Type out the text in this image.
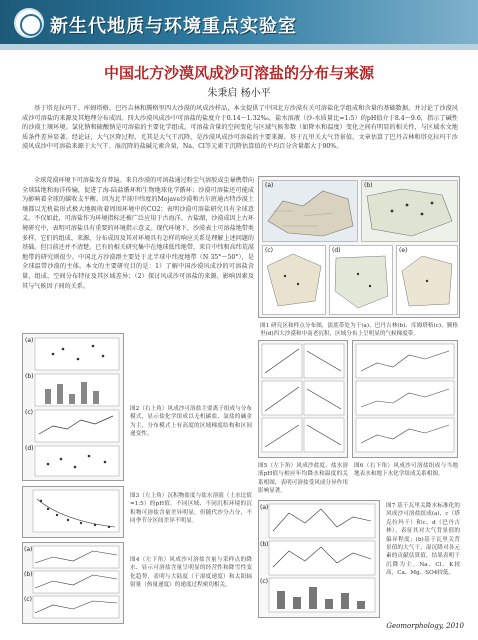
新生代地质与环境重点实验室
中国北方沙漠风成沙可溶盐的分布与来源
朱秉启 杨小平
基于塔克拉玛干、库姆塔格、巴丹吉林和腾格里四大沙漠的风成沙样品，本文提供了中国北方沙漠有关可溶盐化学组成和含量的基础数据，并讨论了沙漠风成沙可溶盐的来源及其地理分布成因。四大沙漠风成沙中可溶盐的盐度介于0.14～1.32‰，盐水溶液（沙-水质量比=1:5）的pH值介于8.4～9.6，指示了碱性的沙漠土壤环境。氯化钠和硫酸钠是可溶盐的主要化学组成。可溶盐含量的空间变化与区域气候参数（如降水和温度）变化之间有明显的相关性，与区域水文地质条件差异显著。经论证，大气区降过程，尤其是大气干沉降，是沙漠风成沙可溶盐的主要来源。基于瓦里关大气背景值，文章估算了巴丹吉林和塔克拉玛干沙漠风成沙中可溶盐来源于大气干、湿沉降的盐碱元素含量，Na、Cl等元素干沉降估算值的平均百分含量都大于90%。
全球荒漠环境下可溶盐发育普遍。来自沙漠的可溶盐通过粉尘气溶胶或尘暴携带向全球陆地和海洋传输，促进了海-陆盐循环和生物地球化学循环；沙漠可溶盐还可能成为影响着全球的碳收支平衡。因为北半球中纬度的Mojave沙漠和古尔班通古特沙漠土壤都以无机盐形式极大地吸收着周围环境中的CO2；表明沙漠可溶盐研究具有全球意义。不仅如此，可溶盐作为环境指标还被广泛应用于古海洋、古盐湖、沙漠成因上古环境研究中，表明可溶盐具有重要的环境指示意义。现代环境下，沙漠表土可溶盐地带类多样，它们的组成、来源、分布成因及其对环境具有怎样的响应关系是理解上述问题的基础。但目前还并不清楚。已有的相关研究集中在地球低纬地带，来自中纬和高纬荒漠地带的研究则很少。中国北方沙漠群主要处于北半球中纬度地带（N 35°～50°），是全球温带沙漠的主体。本文的主要研究目的是：1）了解中国沙漠风成沙的可溶盐含量、组成、空间分布特征及其区域差异；（2）探讨风成沙可溶盐的来源、影响因素及其与气候因子间的关系。
(a)	(b)
(c)	(d)	(e)
图1 研究区和样点分布图，淡底带处为干(a)、巴丹吉林(b)、库姆塔格(c)、腾格里(d)四大沙漠和中南老沉积，区域分布上呈明显的气候梯度带。
(a)
(b)
(c)
(d)
图5（左下角）风成沙盐度、盐水溶液pH值与相应年均降水和温度的关系相图，表明可溶盐受风成分异作用影响显著。
图6（右下角）风成沙可溶盐组成与当地地表水和地下水化学组成关系相图。
图2（右上角）风成沙可溶盐主要离子组成与分布模式，显示盐化学组成以无机碳盐、氯盐的碱金为主，分布模式上有高度的区域梯度结构和区间递变性。
图3（左上角）沉积物盐度与盐水溶液（土水比值=1:5）的pH值。不同区域、不同沉积环境的沉积物可溶盐含量差异明显，但随代沙分占分，不同季节分区间差异不明显。
(a)
(b)
(c)
图4（左下角）风成沙可溶盐含量与采样点的降水、显示可溶盐含量呈明显的经营性和降雪性变化趋势，表明与大陆度（干湿度递度）和太阳辐射量（热量递度）的递度过程密切相关。
(a)
(b)
(c)
图7 基于瓦里关降水标准化的风成沙可溶盐组成(a)，c（塔克拉玛干）和c、d（巴丹吉林），表征其对大气背景值的偏异程度；(b)基于瓦里关背景值的大气干、湿沉降对各元素的贡献估算值，结果表明干沉降为主。Na、Cl、K较高，Ca、Mg、SO4较低。
Geomorphology, 2010
